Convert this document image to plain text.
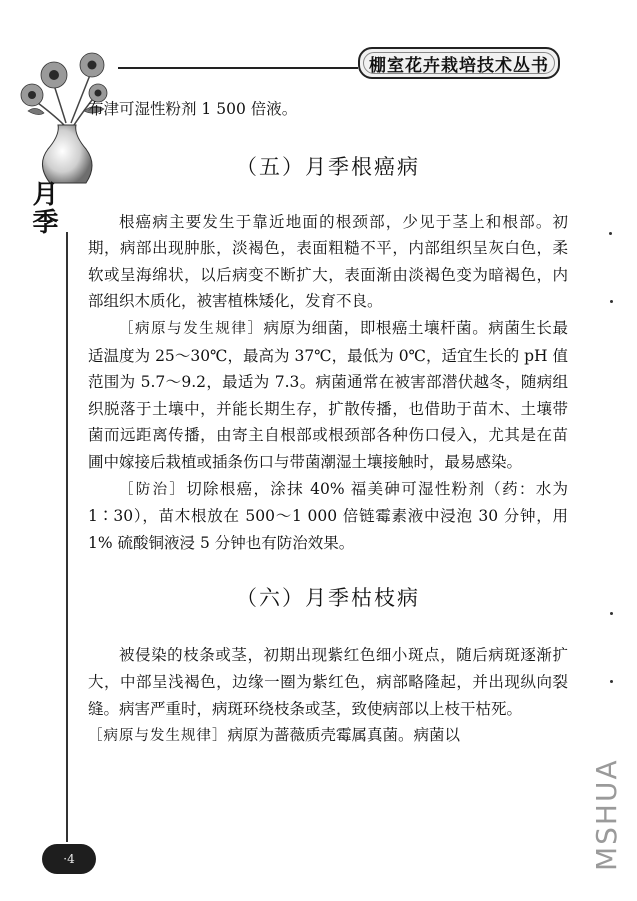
棚室花卉栽培技术丛书
月季

布津可湿性粉剂 1 500 倍液。

（五）月季根癌病

根癌病主要发生于靠近地面的根颈部，少见于茎上和根部。初期，病部出现肿胀，淡褐色，表面粗糙不平，内部组织呈灰白色，柔软或呈海绵状，以后病变不断扩大，表面渐由淡褐色变为暗褐色，内部组织木质化，被害植株矮化，发育不良。

［病原与发生规律］病原为细菌，即根癌土壤杆菌。病菌生长最适温度为 25～30℃，最高为 37℃，最低为 0℃，适宜生长的 pH 值范围为 5.7～9.2，最适为 7.3。病菌通常在被害部潜伏越冬，随病组织脱落于土壤中，并能长期生存，扩散传播，也借助于苗木、土壤带菌而远距离传播，由寄主自根部或根颈部各种伤口侵入，尤其是在苗圃中嫁接后栽植或插条伤口与带菌潮湿土壤接触时，最易感染。

［防治］切除根癌，涂抹 40% 福美砷可湿性粉剂（药：水为 1∶30），苗木根放在 500～1 000 倍链霉素液中浸泡 30 分钟，用 1% 硫酸铜液浸 5 分钟也有防治效果。

（六）月季枯枝病

被侵染的枝条或茎，初期出现紫红色细小斑点，随后病斑逐渐扩大，中部呈浅褐色，边缘一圈为紫红色，病部略隆起，并出现纵向裂缝。病害严重时，病斑环绕枝条或茎，致使病部以上枝干枯死。

［病原与发生规律］病原为蔷薇质壳霉属真菌。病菌以

·4	MSHUA
